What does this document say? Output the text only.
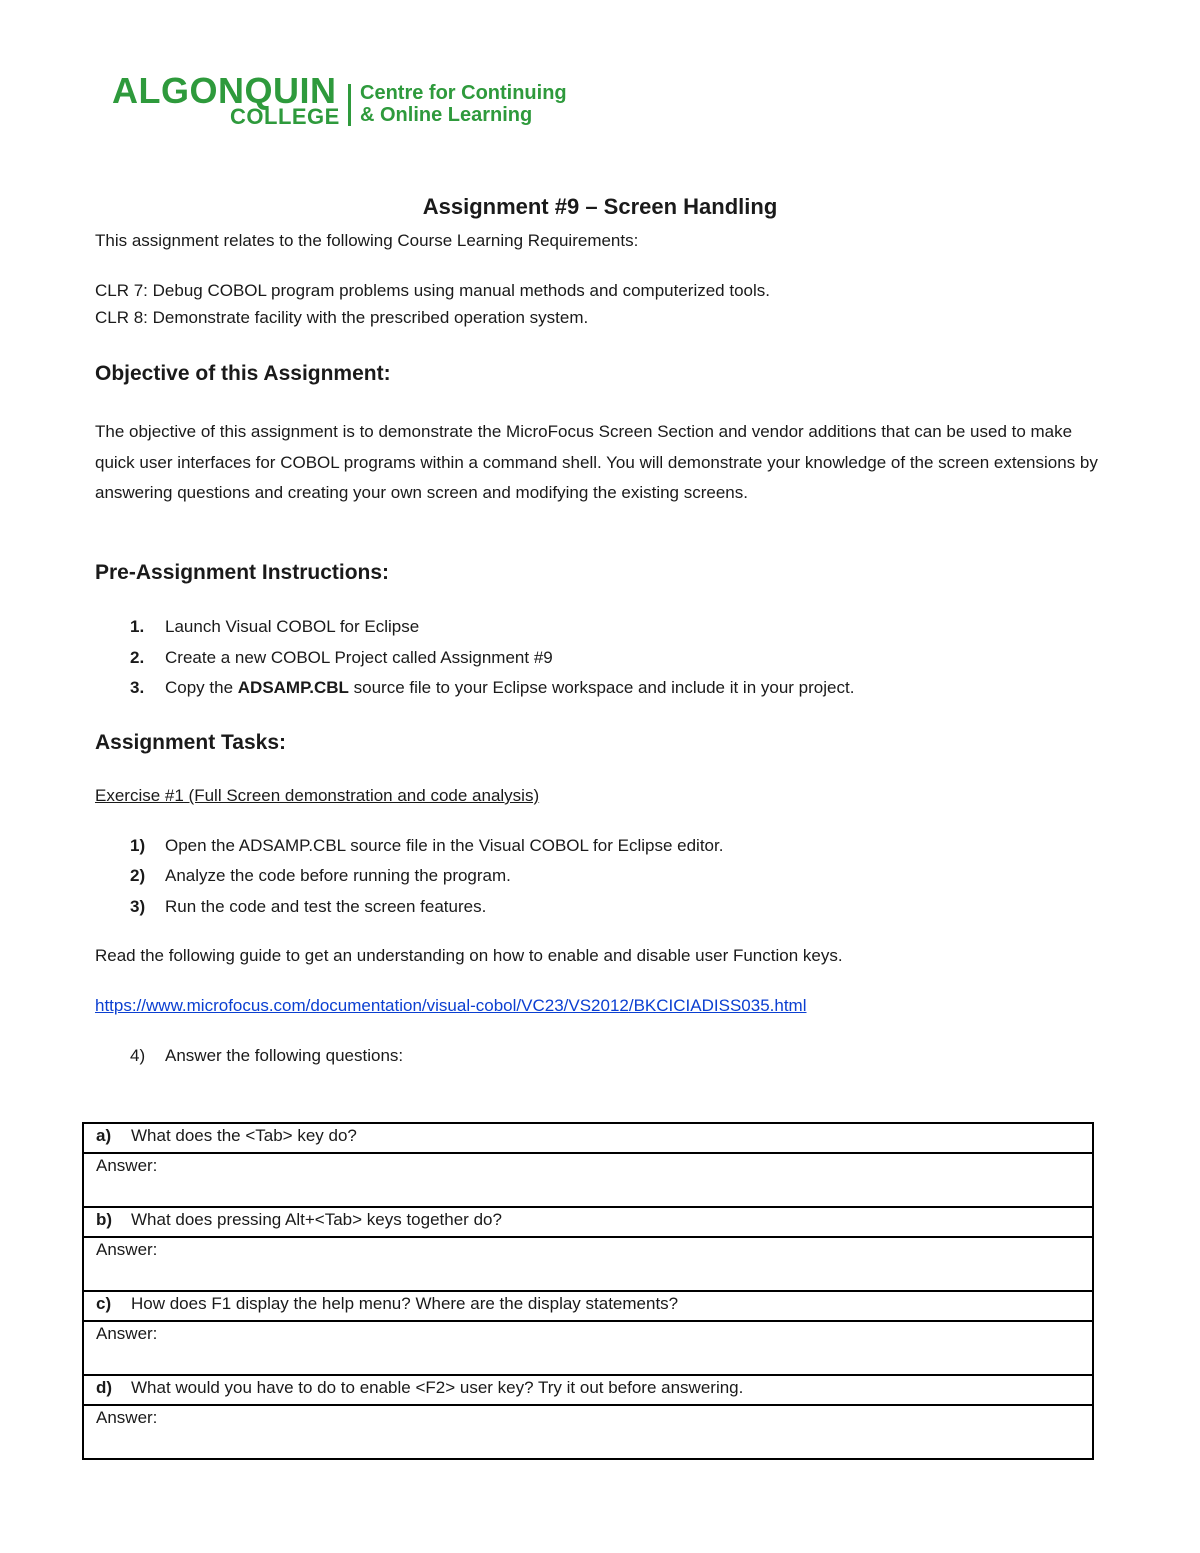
ALGONQUIN
COLLEGE
Centre for Continuing
& Online Learning
Assignment #9 – Screen Handling
This assignment relates to the following Course Learning Requirements:
CLR 7: Debug COBOL program problems using manual methods and computerized tools.
CLR 8: Demonstrate facility with the prescribed operation system.
Objective of this Assignment:
The objective of this assignment is to demonstrate the MicroFocus Screen Section and vendor additions that can be used to make quick user interfaces for COBOL programs within a command shell. You will demonstrate your knowledge of the screen extensions by answering questions and creating your own screen and modifying the existing screens.
Pre-Assignment Instructions:
1. Launch Visual COBOL for Eclipse
2. Create a new COBOL Project called Assignment #9
3. Copy the ADSAMP.CBL source file to your Eclipse workspace and include it in your project.
Assignment Tasks:
Exercise #1 (Full Screen demonstration and code analysis)
1) Open the ADSAMP.CBL source file in the Visual COBOL for Eclipse editor.
2) Analyze the code before running the program.
3) Run the code and test the screen features.
Read the following guide to get an understanding on how to enable and disable user Function keys.
https://www.microfocus.com/documentation/visual-cobol/VC23/VS2012/BKCICIADISS035.html
4) Answer the following questions:
a) What does the <Tab> key do?
Answer:
b) What does pressing Alt+<Tab> keys together do?
Answer:
c) How does F1 display the help menu? Where are the display statements?
Answer:
d) What would you have to do to enable <F2> user key? Try it out before answering.
Answer:
